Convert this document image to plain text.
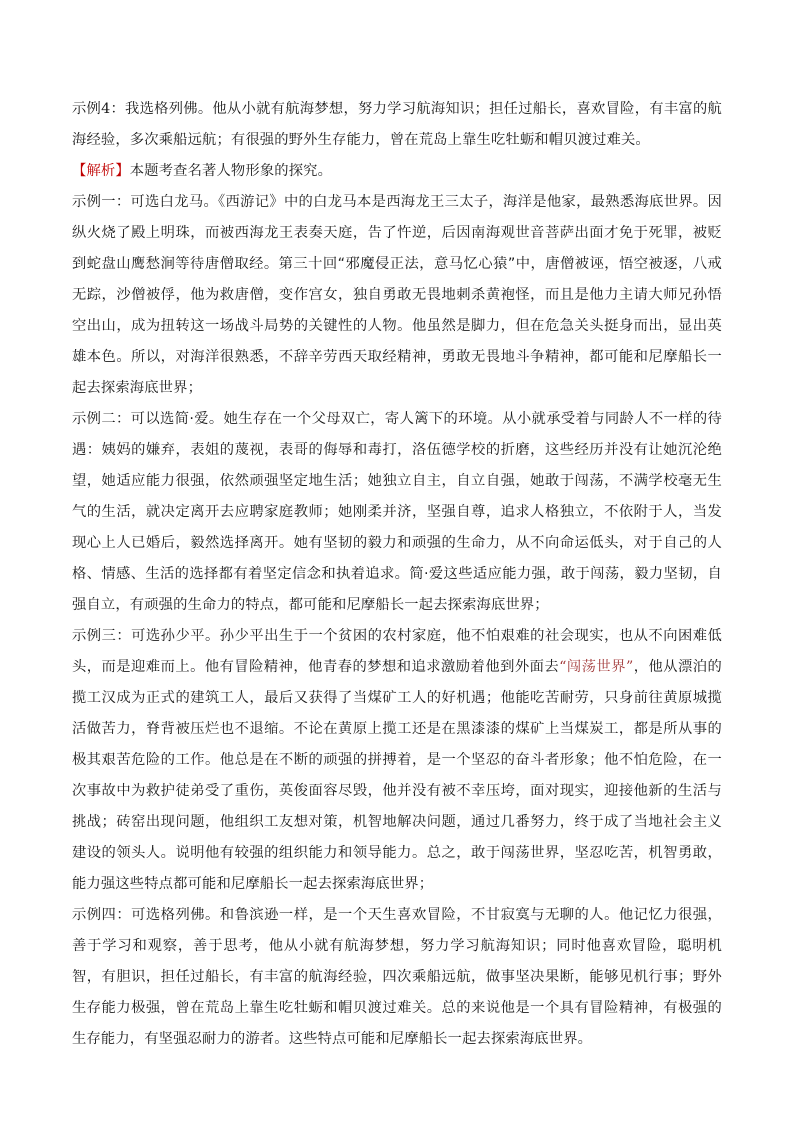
示例4：我选格列佛。他从小就有航海梦想，努力学习航海知识；担任过船长，喜欢冒险，有丰富的航海经验，多次乘船远航；有很强的野外生存能力，曾在荒岛上靠生吃牡蛎和帽贝渡过难关。

【解析】本题考查名著人物形象的探究。

示例一：可选白龙马。《西游记》中的白龙马本是西海龙王三太子，海洋是他家，最熟悉海底世界。因纵火烧了殿上明珠，而被西海龙王表奏天庭，告了忤逆，后因南海观世音菩萨出面才免于死罪，被贬到蛇盘山鹰愁涧等待唐僧取经。第三十回“邪魔侵正法，意马忆心猿”中，唐僧被诬，悟空被逐，八戒无踪，沙僧被俘，他为救唐僧，变作宫女，独自勇敢无畏地刺杀黄袍怪，而且是他力主请大师兄孙悟空出山，成为扭转这一场战斗局势的关键性的人物。他虽然是脚力，但在危急关头挺身而出，显出英雄本色。所以，对海洋很熟悉，不辞辛劳西天取经精神，勇敢无畏地斗争精神，都可能和尼摩船长一起去探索海底世界；

示例二：可以选简·爱。她生存在一个父母双亡，寄人篱下的环境。从小就承受着与同龄人不一样的待遇：姨妈的嫌弃，表姐的蔑视，表哥的侮辱和毒打，洛伍德学校的折磨，这些经历并没有让她沉沦绝望，她适应能力很强，依然顽强坚定地生活；她独立自主，自立自强，她敢于闯荡，不满学校毫无生气的生活，就决定离开去应聘家庭教师；她刚柔并济，坚强自尊，追求人格独立，不依附于人，当发现心上人已婚后，毅然选择离开。她有坚韧的毅力和顽强的生命力，从不向命运低头，对于自己的人格、情感、生活的选择都有着坚定信念和执着追求。简·爱这些适应能力强，敢于闯荡，毅力坚韧，自强自立，有顽强的生命力的特点，都可能和尼摩船长一起去探索海底世界；

示例三：可选孙少平。孙少平出生于一个贫困的农村家庭，他不怕艰难的社会现实，也从不向困难低头，而是迎难而上。他有冒险精神，他青春的梦想和追求激励着他到外面去“闯荡世界”，他从漂泊的揽工汉成为正式的建筑工人，最后又获得了当煤矿工人的好机遇；他能吃苦耐劳，只身前往黄原城揽活做苦力，脊背被压烂也不退缩。不论在黄原上揽工还是在黑漆漆的煤矿上当煤炭工，都是所从事的极其艰苦危险的工作。他总是在不断的顽强的拼搏着，是一个坚忍的奋斗者形象；他不怕危险，在一次事故中为救护徒弟受了重伤，英俊面容尽毁，他并没有被不幸压垮，面对现实，迎接他新的生活与挑战；砖窑出现问题，他组织工友想对策，机智地解决问题，通过几番努力，终于成了当地社会主义建设的领头人。说明他有较强的组织能力和领导能力。总之，敢于闯荡世界，坚忍吃苦，机智勇敢，能力强这些特点都可能和尼摩船长一起去探索海底世界；

示例四：可选格列佛。和鲁滨逊一样，是一个天生喜欢冒险，不甘寂寞与无聊的人。他记忆力很强，善于学习和观察，善于思考，他从小就有航海梦想，努力学习航海知识；同时他喜欢冒险，聪明机智，有胆识，担任过船长，有丰富的航海经验，四次乘船远航，做事坚决果断，能够见机行事；野外生存能力极强，曾在荒岛上靠生吃牡蛎和帽贝渡过难关。总的来说他是一个具有冒险精神，有极强的生存能力，有坚强忍耐力的游者。这些特点可能和尼摩船长一起去探索海底世界。
